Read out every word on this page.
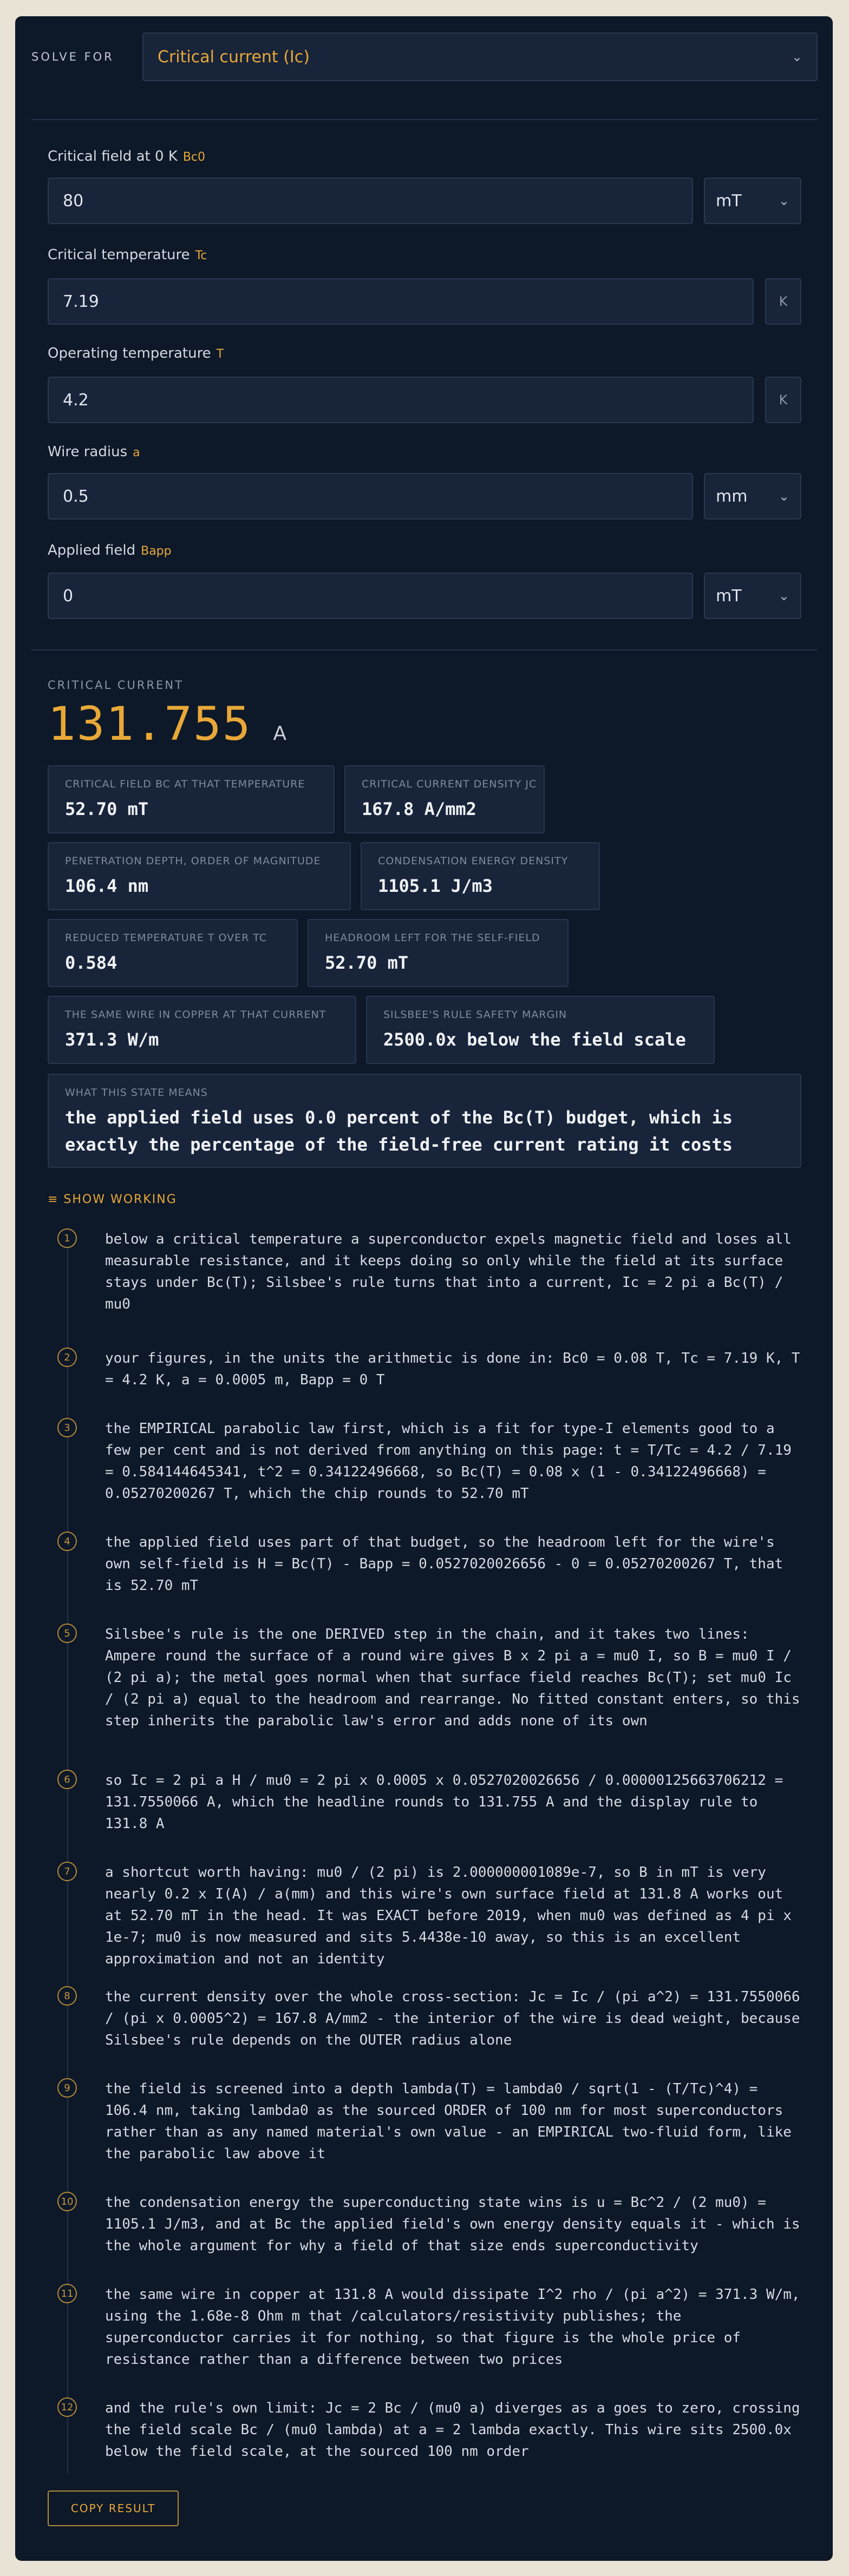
SOLVE FOR	Critical current (Ic)	⌄
Critical field at 0 K Bc0
80	mT	⌄
Critical temperature Tc
7.19	K
Operating temperature T
4.2	K
Wire radius a
0.5	mm ⌄
Applied field Bapp
0	mT	⌄
CRITICAL CURRENT
131.755 A
CRITICAL FIELD BC AT THAT TEMPERATURE
52.70 mT
CRITICAL CURRENT DENSITY JC
167.8 A/mm2
PENETRATION DEPTH, ORDER OF MAGNITUDE
106.4 nm
CONDENSATION ENERGY DENSITY
1105.1 J/m3
REDUCED TEMPERATURE T OVER TC
0.584
HEADROOM LEFT FOR THE SELF-FIELD
52.70 mT
THE SAME WIRE IN COPPER AT THAT CURRENT
371.3 W/m
SILSBEE'S RULE SAFETY MARGIN
2500.0x below the field scale
WHAT THIS STATE MEANS
the applied field uses 0.0 percent of the Bc(T) budget, which is exactly the percentage of the field-free current rating it costs
≡ SHOW WORKING
1	below a critical temperature a superconductor expels magnetic field and loses all measurable resistance, and it keeps doing so only while the field at its surface stays under Bc(T); Silsbee's rule turns that into a current, Ic = 2 pi a Bc(T) / mu0
2	your figures, in the units the arithmetic is done in: Bc0 = 0.08 T, Tc = 7.19 K, T = 4.2 K, a = 0.0005 m, Bapp = 0 T
3	the EMPIRICAL parabolic law first, which is a fit for type-I elements good to a few per cent and is not derived from anything on this page: t = T/Tc = 4.2 / 7.19 = 0.584144645341, t^2 = 0.34122496668, so Bc(T) = 0.08 x (1 - 0.34122496668) = 0.05270200267 T, which the chip rounds to 52.70 mT
4	the applied field uses part of that budget, so the headroom left for the wire's own self-field is H = Bc(T) - Bapp = 0.0527020026656 - 0 = 0.05270200267 T, that is 52.70 mT
5	Silsbee's rule is the one DERIVED step in the chain, and it takes two lines: Ampere round the surface of a round wire gives B x 2 pi a = mu0 I, so B = mu0 I / (2 pi a); the metal goes normal when that surface field reaches Bc(T); set mu0 Ic / (2 pi a) equal to the headroom and rearrange. No fitted constant enters, so this step inherits the parabolic law's error and adds none of its own
6	so Ic = 2 pi a H / mu0 = 2 pi x 0.0005 x 0.0527020026656 / 0.00000125663706212 = 131.7550066 A, which the headline rounds to 131.755 A and the display rule to 131.8 A
7	a shortcut worth having: mu0 / (2 pi) is 2.000000001089e-7, so B in mT is very nearly 0.2 x I(A) / a(mm) and this wire's own surface field at 131.8 A works out at 52.70 mT in the head. It was EXACT before 2019, when mu0 was defined as 4 pi x 1e-7; mu0 is now measured and sits 5.4438e-10 away, so this is an excellent approximation and not an identity
8	the current density over the whole cross-section: Jc = Ic / (pi a^2) = 131.7550066 / (pi x 0.0005^2) = 167.8 A/mm2 - the interior of the wire is dead weight, because Silsbee's rule depends on the OUTER radius alone
9	the field is screened into a depth lambda(T) = lambda0 / sqrt(1 - (T/Tc)^4) = 106.4 nm, taking lambda0 as the sourced ORDER of 100 nm for most superconductors rather than as any named material's own value - an EMPIRICAL two-fluid form, like the parabolic law above it
10 the condensation energy the superconducting state wins is u = Bc^2 / (2 mu0) = 1105.1 J/m3, and at Bc the applied field's own energy density equals it - which is the whole argument for why a field of that size ends superconductivity
11 the same wire in copper at 131.8 A would dissipate I^2 rho / (pi a^2) = 371.3 W/m, using the 1.68e-8 Ohm m that /calculators/resistivity publishes; the superconductor carries it for nothing, so that figure is the whole price of resistance rather than a difference between two prices
12 and the rule's own limit: Jc = 2 Bc / (mu0 a) diverges as a goes to zero, crossing the field scale Bc / (mu0 lambda) at a = 2 lambda exactly. This wire sits 2500.0x below the field scale, at the sourced 100 nm order
COPY RESULT
